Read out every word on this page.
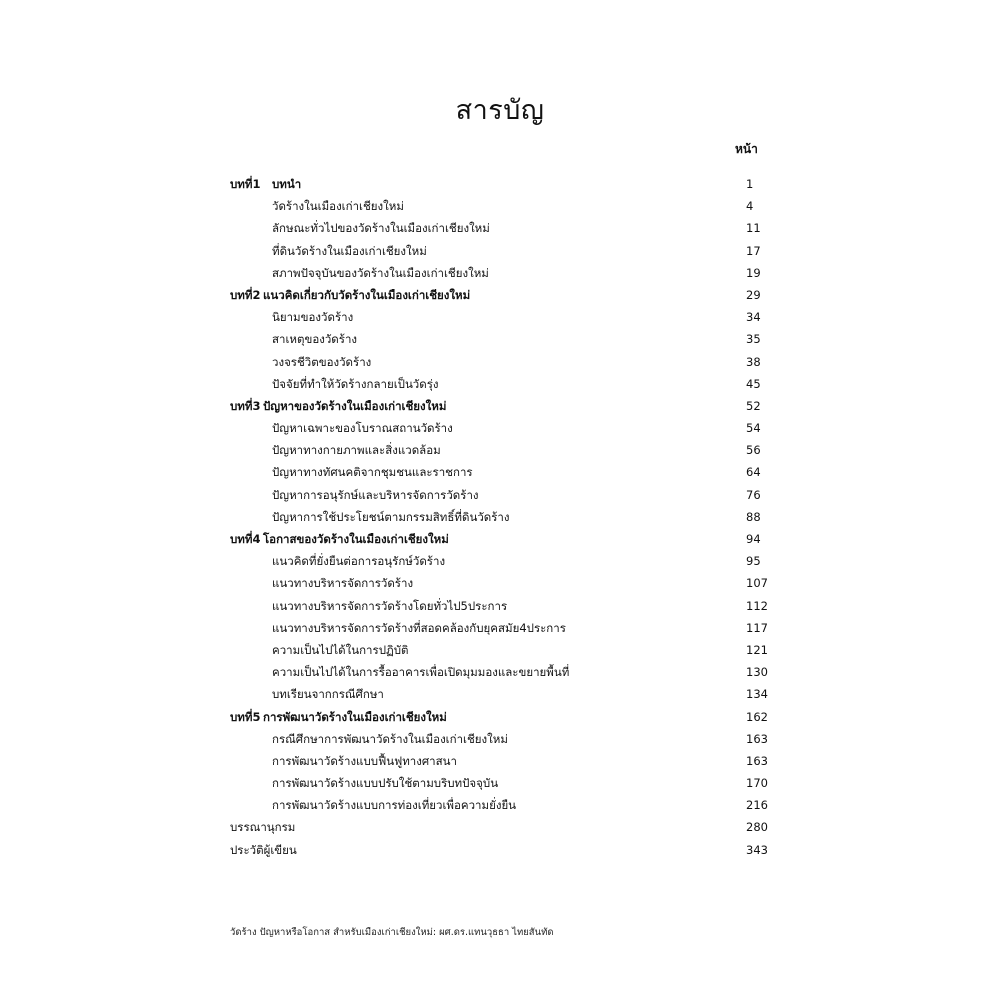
สารบัญ
หน้า
บทที่1 บทนำ	1
วัดร้างในเมืองเก่าเชียงใหม่	4
ลักษณะทั่วไปของวัดร้างในเมืองเก่าเชียงใหม่	11
ที่ดินวัดร้างในเมืองเก่าเชียงใหม่	17
สภาพปัจจุบันของวัดร้างในเมืองเก่าเชียงใหม่	19
บทที่2 แนวคิดเกี่ยวกับวัดร้างในเมืองเก่าเชียงใหม่	29
นิยามของวัดร้าง	34
สาเหตุของวัดร้าง	35
วงจรชีวิตของวัดร้าง	38
ปัจจัยที่ทำให้วัดร้างกลายเป็นวัดรุ่ง	45
บทที่3 ปัญหาของวัดร้างในเมืองเก่าเชียงใหม่	52
ปัญหาเฉพาะของโบราณสถานวัดร้าง	54
ปัญหาทางกายภาพและสิ่งแวดล้อม	56
ปัญหาทางทัศนคติจากชุมชนและราชการ	64
ปัญหาการอนุรักษ์และบริหารจัดการวัดร้าง	76
ปัญหาการใช้ประโยชน์ตามกรรมสิทธิ์ที่ดินวัดร้าง	88
บทที่4 โอกาสของวัดร้างในเมืองเก่าเชียงใหม่	94
แนวคิดที่ยั่งยืนต่อการอนุรักษ์วัดร้าง	95
แนวทางบริหารจัดการวัดร้าง	107
แนวทางบริหารจัดการวัดร้างโดยทั่วไป5ประการ	112
แนวทางบริหารจัดการวัดร้างที่สอดคล้องกับยุคสมัย4ประการ	117
ความเป็นไปได้ในการปฏิบัติ	121
ความเป็นไปได้ในการรื้ออาคารเพื่อเปิดมุมมองและขยายพื้นที่	130
บทเรียนจากกรณีศึกษา	134
บทที่5 การพัฒนาวัดร้างในเมืองเก่าเชียงใหม่	162
กรณีศึกษาการพัฒนาวัดร้างในเมืองเก่าเชียงใหม่	163
การพัฒนาวัดร้างแบบฟื้นฟูทางศาสนา	163
การพัฒนาวัดร้างแบบปรับใช้ตามบริบทปัจจุบัน	170
การพัฒนาวัดร้างแบบการท่องเที่ยวเพื่อความยั่งยืน	216
บรรณานุกรม	280
ประวัติผู้เขียน	343
วัดร้าง ปัญหาหรือโอกาส สำหรับเมืองเก่าเชียงใหม่: ผศ.ดร.แทนวุธธา ไทยสันทัด
